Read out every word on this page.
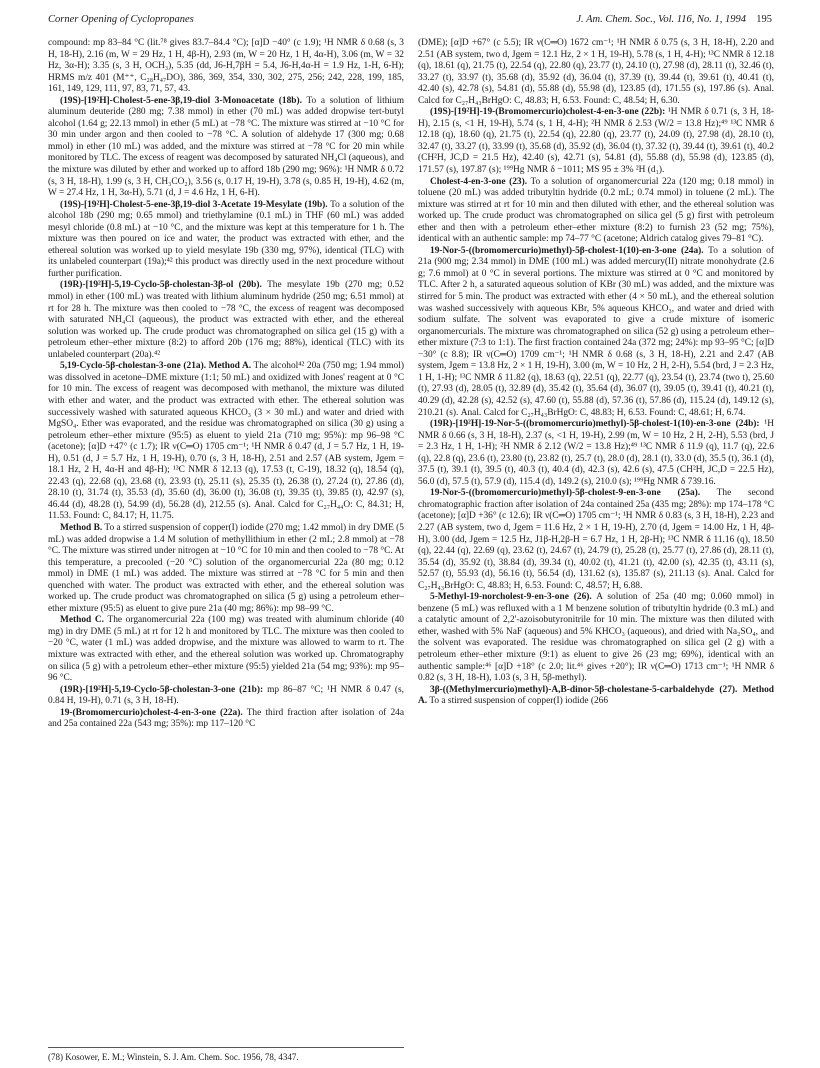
Corner Opening of Cyclopropanes	J. Am. Chem. Soc., Vol. 116, No. 1, 1994 195

compound: mp 83–84 °C (lit.⁷⁸ gives 83.7–84.4 °C); [α]D −40° (c 1.9); ¹H NMR δ 0.68 (s, 3 H, 18-H), 2.16 (m, W = 29 Hz, 1 H, 4β-H), 2.93 (m, W = 20 Hz, 1 H, 4α-H), 3.06 (m, W = 32 Hz, 3α-H); 3.35 (s, 3 H, OCH₃), 5.35 (dd, J6-H,7βH = 5.4, J6-H,4α-H = 1.9 Hz, 1-H, 6-H); HRMS m/z 401 (M⁺⁺, C₂₈H₄₇DO), 386, 369, 354, 330, 302, 275, 256; 242, 228, 199, 185, 161, 149, 129, 111, 97, 83, 71, 57, 43.

(19S)-[19²H]-Cholest-5-ene-3β,19-diol 3-Monoacetate (18b). To a solution of lithium aluminum deuteride (280 mg; 7.38 mmol) in ether (70 mL) was added dropwise tert-butyl alcohol (1.64 g; 22.13 mmol) in ether (5 mL) at −78 °C. The mixture was stirred at −10 °C for 30 min under argon and then cooled to −78 °C. A solution of aldehyde 17 (300 mg; 0.68 mmol) in ether (10 mL) was added, and the mixture was stirred at −78 °C for 20 min while monitored by TLC. The excess of reagent was decomposed by saturated NH₄Cl (aqueous), and the mixture was diluted by ether and worked up to afford 18b (290 mg; 96%): ¹H NMR δ 0.72 (s, 3 H, 18-H), 1.99 (s, 3 H, CH₃CO₂), 3.56 (s, 0.17 H, 19-H), 3.78 (s, 0.85 H, 19-H), 4.62 (m, W = 27.4 Hz, 1 H, 3α-H), 5.71 (d, J = 4.6 Hz, 1 H, 6-H).

(19S)-[19²H]-Cholest-5-ene-3β,19-diol 3-Acetate 19-Mesylate (19b). To a solution of the alcohol 18b (290 mg; 0.65 mmol) and triethylamine (0.1 mL) in THF (60 mL) was added mesyl chloride (0.8 mL) at −10 °C, and the mixture was kept at this temperature for 1 h. The mixture was then poured on ice and water, the product was extracted with ether, and the ethereal solution was worked up to yield mesylate 19b (330 mg, 97%), identical (TLC) with its unlabeled counterpart (19a);⁴² this product was directly used in the next procedure without further purification.

(19R)-[19²H]-5,19-Cyclo-5β-cholestan-3β-ol (20b). The mesylate 19b (270 mg; 0.52 mmol) in ether (100 mL) was treated with lithium aluminum hydride (250 mg; 6.51 mmol) at rt for 28 h. The mixture was then cooled to −78 °C, the excess of reagent was decomposed with saturated NH₄Cl (aqueous), the product was extracted with ether, and the ethereal solution was worked up. The crude product was chromatographed on silica gel (15 g) with a petroleum ether–ether mixture (8:2) to afford 20b (176 mg; 88%), identical (TLC) with its unlabeled counterpart (20a).⁴²

5,19-Cyclo-5β-cholestan-3-one (21a). Method A. The alcohol⁴² 20a (750 mg; 1.94 mmol) was dissolved in acetone–DME mixture (1:1; 50 mL) and oxidized with Jones' reagent at 0 °C for 10 min. The excess of reagent was decomposed with methanol, the mixture was diluted with ether and water, and the product was extracted with ether. The ethereal solution was successively washed with saturated aqueous KHCO₃ (3 × 30 mL) and water and dried with MgSO₄. Ether was evaporated, and the residue was chromatographed on silica (30 g) using a petroleum ether–ether mixture (95:5) as eluent to yield 21a (710 mg; 95%): mp 96–98 °C (acetone); [α]D +47° (c 1.7); IR ν(C═O) 1705 cm⁻¹; ¹H NMR δ 0.47 (d, J = 5.7 Hz, 1 H, 19-H), 0.51 (d, J = 5.7 Hz, 1 H, 19-H), 0.70 (s, 3 H, 18-H), 2.51 and 2.57 (AB system, Jgem = 18.1 Hz, 2 H, 4α-H and 4β-H); ¹³C NMR δ 12.13 (q), 17.53 (t, C-19), 18.32 (q), 18.54 (q), 22.43 (q), 22.68 (q), 23.68 (t), 23.93 (t), 25.11 (s), 25.35 (t), 26.38 (t), 27.24 (t), 27.86 (d), 28.10 (t), 31.74 (t), 35.53 (d), 35.60 (d), 36.00 (t), 36.08 (t), 39.35 (t), 39.85 (t), 42.97 (s), 46.44 (d), 48.28 (t), 54.99 (d), 56.28 (d), 212.55 (s). Anal. Calcd for C₂₇H₄₄O: C, 84.31; H, 11.53. Found: C, 84.17; H, 11.75.

Method B. To a stirred suspension of copper(I) iodide (270 mg; 1.42 mmol) in dry DME (5 mL) was added dropwise a 1.4 M solution of methyllithium in ether (2 mL; 2.8 mmol) at −78 °C. The mixture was stirred under nitrogen at −10 °C for 10 min and then cooled to −78 °C. At this temperature, a precooled (−20 °C) solution of the organomercurial 22a (80 mg; 0.12 mmol) in DME (1 mL) was added. The mixture was stirred at −78 °C for 5 min and then quenched with water. The product was extracted with ether, and the ethereal solution was worked up. The crude product was chromatographed on silica (5 g) using a petroleum ether–ether mixture (95:5) as eluent to give pure 21a (40 mg; 86%): mp 98–99 °C.

Method C. The organomercurial 22a (100 mg) was treated with aluminum chloride (40 mg) in dry DME (5 mL) at rt for 12 h and monitored by TLC. The mixture was then cooled to −20 °C, water (1 mL) was added dropwise, and the mixture was allowed to warm to rt. The mixture was extracted with ether, and the ethereal solution was worked up. Chromatography on silica (5 g) with a petroleum ether–ether mixture (95:5) yielded 21a (54 mg; 93%): mp 95–96 °C.

(19R)-[19²H]-5,19-Cyclo-5β-cholestan-3-one (21b): mp 86–87 °C; ¹H NMR δ 0.47 (s, 0.84 H, 19-H), 0.71 (s, 3 H, 18-H).

19-(Bromomercurio)cholest-4-en-3-one (22a). The third fraction after isolation of 24a and 25a contained 22a (543 mg; 35%): mp 117–120 °C

(DME); [α]D +67° (c 5.5); IR ν(C═O) 1672 cm⁻¹; ¹H NMR δ 0.75 (s, 3 H, 18-H), 2.20 and 2.51 (AB system, two d, Jgem = 12.1 Hz, 2 × 1 H, 19-H), 5.78 (s, 1 H, 4-H); ¹³C NMR δ 12.18 (q), 18.61 (q), 21.75 (t), 22.54 (q), 22.80 (q), 23.77 (t), 24.10 (t), 27.98 (d), 28.11 (t), 32.46 (t), 33.27 (t), 33.97 (t), 35.68 (d), 35.92 (d), 36.04 (t), 37.39 (t), 39.44 (t), 39.61 (t), 40.41 (t), 42.40 (s), 42.78 (s), 54.81 (d), 55.88 (d), 55.98 (d), 123.85 (d), 171.55 (s), 197.86 (s). Anal. Calcd for C₂₇H₄₃BrHgO: C, 48.83; H, 6.53. Found: C, 48.54; H, 6.30.

(19S)-[19²H]-19-(Bromomercurio)cholest-4-en-3-one (22b): ¹H NMR δ 0.71 (s, 3 H, 18-H), 2.15 (s, <1 H, 19-H), 5.74 (s, 1 H, 4-H); ²H NMR δ 2.53 (W/2 = 13.8 Hz);⁴⁹ ¹³C NMR δ 12.18 (q), 18.60 (q), 21.75 (t), 22.54 (q), 22.80 (q), 23.77 (t), 24.09 (t), 27.98 (d), 28.10 (t), 32.47 (t), 33.27 (t), 33.99 (t), 35.68 (d), 35.92 (d), 36.04 (t), 37.32 (t), 39.44 (t), 39.61 (t), 40.2 (CH²H, JC,D = 21.5 Hz), 42.40 (s), 42.71 (s), 54.81 (d), 55.88 (d), 55.98 (d), 123.85 (d), 171.57 (s), 197.87 (s); ¹⁹⁹Hg NMR δ −1011; MS 95 ± 3% ²H (d₁).

Cholest-4-en-3-one (23). To a solution of organomercurial 22a (120 mg; 0.18 mmol) in toluene (20 mL) was added tributyltin hydride (0.2 mL; 0.74 mmol) in toluene (2 mL). The mixture was stirred at rt for 10 min and then diluted with ether, and the ethereal solution was worked up. The crude product was chromatographed on silica gel (5 g) first with petroleum ether and then with a petroleum ether–ether mixture (8:2) to furnish 23 (52 mg; 75%), identical with an authentic sample: mp 74–77 °C (acetone; Aldrich catalog gives 79–81 °C).

19-Nor-5-((bromomercurio)methyl)-5β-cholest-1(10)-en-3-one (24a). To a solution of 21a (900 mg; 2.34 mmol) in DME (100 mL) was added mercury(II) nitrate monohydrate (2.6 g; 7.6 mmol) at 0 °C in several portions. The mixture was stirred at 0 °C and monitored by TLC. After 2 h, a saturated aqueous solution of KBr (30 mL) was added, and the mixture was stirred for 5 min. The product was extracted with ether (4 × 50 mL), and the ethereal solution was washed successively with aqueous KBr, 5% aqueous KHCO₃, and water and dried with sodium sulfate. The solvent was evaporated to give a crude mixture of isomeric organomercurials. The mixture was chromatographed on silica (52 g) using a petroleum ether–ether mixture (7:3 to 1:1). The first fraction contained 24a (372 mg; 24%): mp 93–95 °C; [α]D −30° (c 8.8); IR ν(C═O) 1709 cm⁻¹; ¹H NMR δ 0.68 (s, 3 H, 18-H), 2.21 and 2.47 (AB system, Jgem = 13.8 Hz, 2 × 1 H, 19-H), 3.00 (m, W = 10 Hz, 2 H, 2-H), 5.54 (brd, J = 2.3 Hz, 1 H, 1-H); ¹³C NMR δ 11.82 (q), 18.63 (q), 22.51 (q), 22.77 (q), 23.54 (t), 23.74 (two t), 25.60 (t), 27.93 (d), 28.05 (t), 32.89 (d), 35.42 (t), 35.64 (d), 36.07 (t), 39.05 (t), 39.41 (t), 40.21 (t), 40.29 (d), 42.28 (s), 42.52 (s), 47.60 (t), 55.88 (d), 57.36 (t), 57.86 (d), 115.24 (d), 149.12 (s), 210.21 (s). Anal. Calcd for C₂₇H₄₃BrHgO: C, 48.83; H, 6.53. Found: C, 48.61; H, 6.74.

(19R)-[19²H]-19-Nor-5-((bromomercurio)methyl)-5β-cholest-1(10)-en-3-one (24b): ¹H NMR δ 0.66 (s, 3 H, 18-H), 2.37 (s, <1 H, 19-H), 2.99 (m, W = 10 Hz, 2 H, 2-H), 5.53 (brd, J = 2.3 Hz, 1 H, 1-H); ²H NMR δ 2.12 (W/2 = 13.8 Hz);⁴⁹ ¹³C NMR δ 11.9 (q), 11.7 (q), 22.6 (q), 22.8 (q), 23.6 (t), 23.80 (t), 23.82 (t), 25.7 (t), 28.0 (d), 28.1 (t), 33.0 (d), 35.5 (t), 36.1 (d), 37.5 (t), 39.1 (t), 39.5 (t), 40.3 (t), 40.4 (d), 42.3 (s), 42.6 (s), 47.5 (CH²H, JC,D = 22.5 Hz), 56.0 (d), 57.5 (t), 57.9 (d), 115.4 (d), 149.2 (s), 210.0 (s); ¹⁹⁹Hg NMR δ 739.16.

19-Nor-5-((bromomercurio)methyl)-5β-cholest-9-en-3-one (25a). The second chromatographic fraction after isolation of 24a contained 25a (435 mg; 28%): mp 174–178 °C (acetone); [α]D +36° (c 12.6); IR ν(C═O) 1705 cm⁻¹; ¹H NMR δ 0.83 (s, 3 H, 18-H), 2.23 and 2.27 (AB system, two d, Jgem = 11.6 Hz, 2 × 1 H, 19-H), 2.70 (d, Jgem = 14.00 Hz, 1 H, 4β-H), 3.00 (dd, Jgem = 12.5 Hz, J1β-H,2β-H = 6.7 Hz, 1 H, 2β-H); ¹³C NMR δ 11.16 (q), 18.50 (q), 22.44 (q), 22.69 (q), 23.62 (t), 24.67 (t), 24.79 (t), 25.28 (t), 25.77 (t), 27.86 (d), 28.11 (t), 35.54 (d), 35.92 (t), 38.84 (d), 39.34 (t), 40.02 (t), 41.21 (t), 42.00 (s), 42.35 (t), 43.11 (s), 52.57 (t), 55.93 (d), 56.16 (t), 56.54 (d), 131.62 (s), 135.87 (s), 211.13 (s). Anal. Calcd for C₂₇H₄₃BrHgO: C, 48.83; H, 6.53. Found: C, 48.57; H, 6.88.

5-Methyl-19-norcholest-9-en-3-one (26). A solution of 25a (40 mg; 0.060 mmol) in benzene (5 mL) was refluxed with a 1 M benzene solution of tributyltin hydride (0.3 mL) and a catalytic amount of 2,2'-azoisobutyronitrile for 10 min. The mixture was then diluted with ether, washed with 5% NaF (aqueous) and 5% KHCO₃ (aqueous), and dried with Na₂SO₄, and the solvent was evaporated. The residue was chromatographed on silica gel (2 g) with a petroleum ether–ether mixture (9:1) as eluent to give 26 (23 mg; 69%), identical with an authentic sample:⁴⁶ [α]D +18° (c 2.0; lit.⁴⁶ gives +20°); IR ν(C═O) 1713 cm⁻¹; ¹H NMR δ 0.82 (s, 3 H, 18-H), 1.03 (s, 3 H, 5β-methyl).

3β-((Methylmercurio)methyl)-A,B-dinor-5β-cholestane-5-carbaldehyde (27). Method A. To a stirred suspension of copper(I) iodide (266

(78) Kosower, E. M.; Winstein, S. J. Am. Chem. Soc. 1956, 78, 4347.
